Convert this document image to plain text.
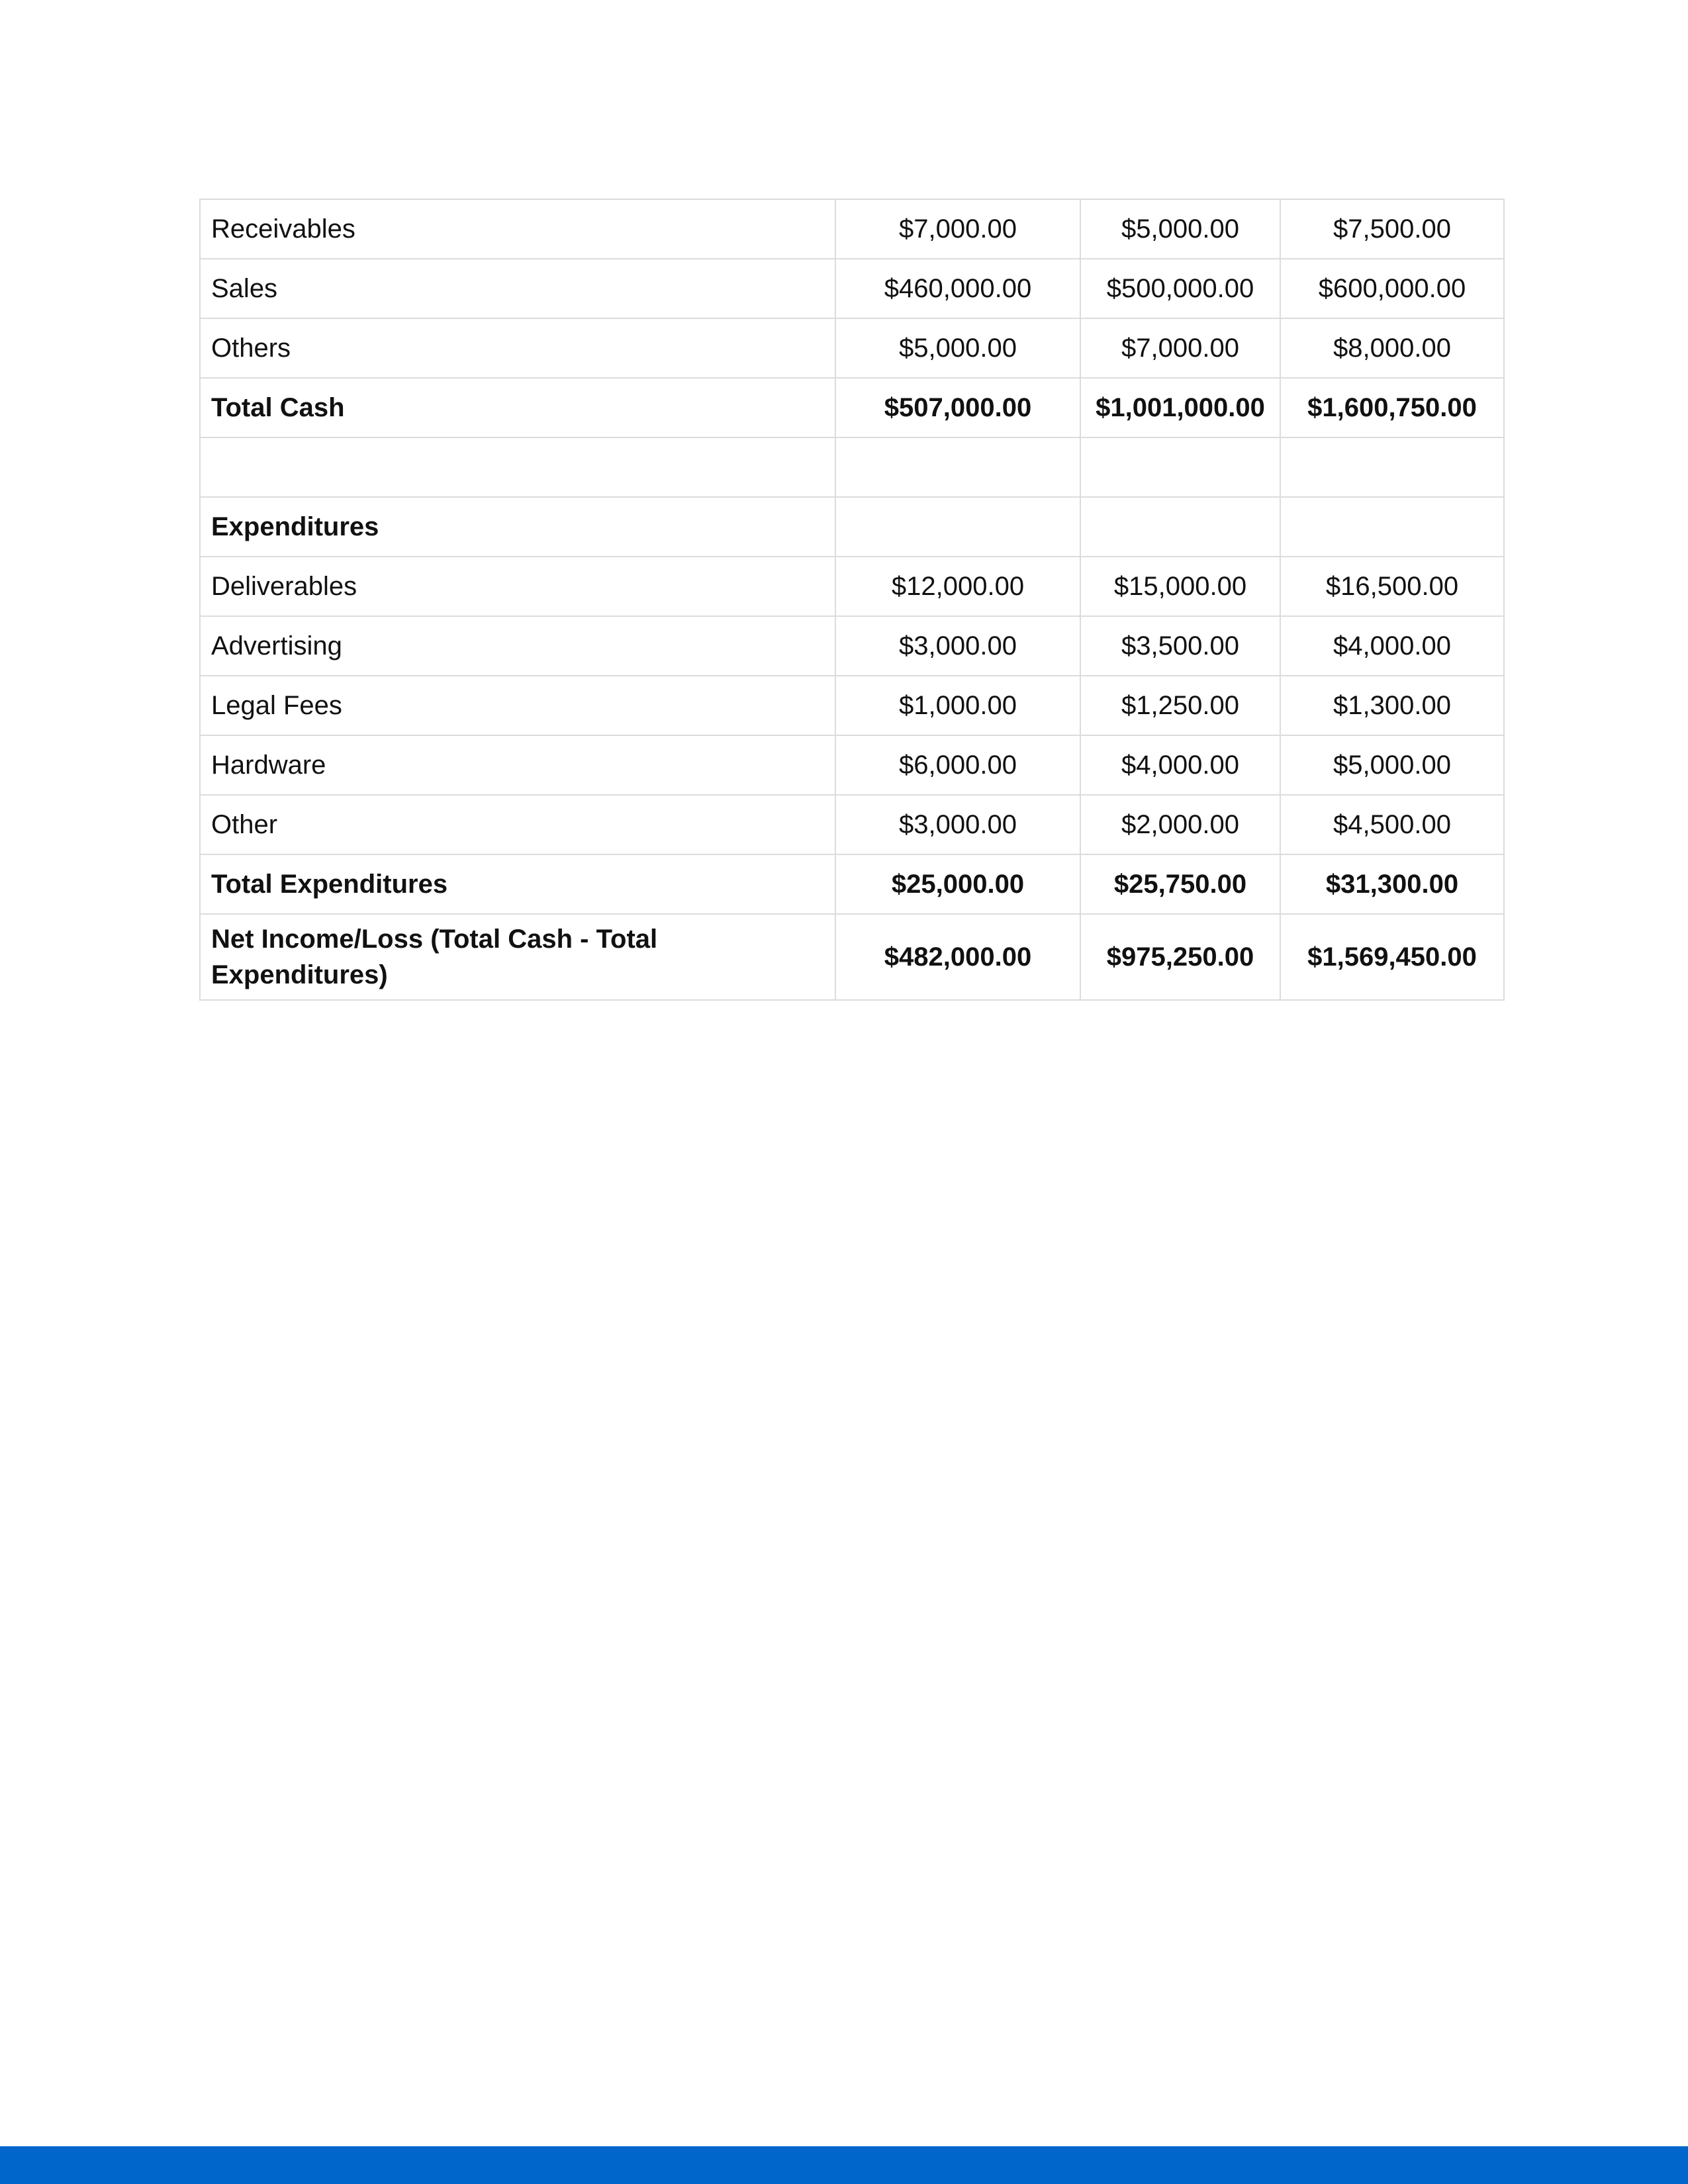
Receivables	$7,000.00	$5,000.00	$7,500.00
Sales	$460,000.00	$500,000.00	$600,000.00
Others	$5,000.00	$7,000.00	$8,000.00
Total Cash	$507,000.00	$1,001,000.00	$1,600,750.00

Expenditures			
Deliverables	$12,000.00	$15,000.00	$16,500.00
Advertising	$3,000.00	$3,500.00	$4,000.00
Legal Fees	$1,000.00	$1,250.00	$1,300.00
Hardware	$6,000.00	$4,000.00	$5,000.00
Other	$3,000.00	$2,000.00	$4,500.00
Total Expenditures	$25,000.00	$25,750.00	$31,300.00
Net Income/Loss (Total Cash - Total Expenditures)	$482,000.00	$975,250.00	$1,569,450.00
